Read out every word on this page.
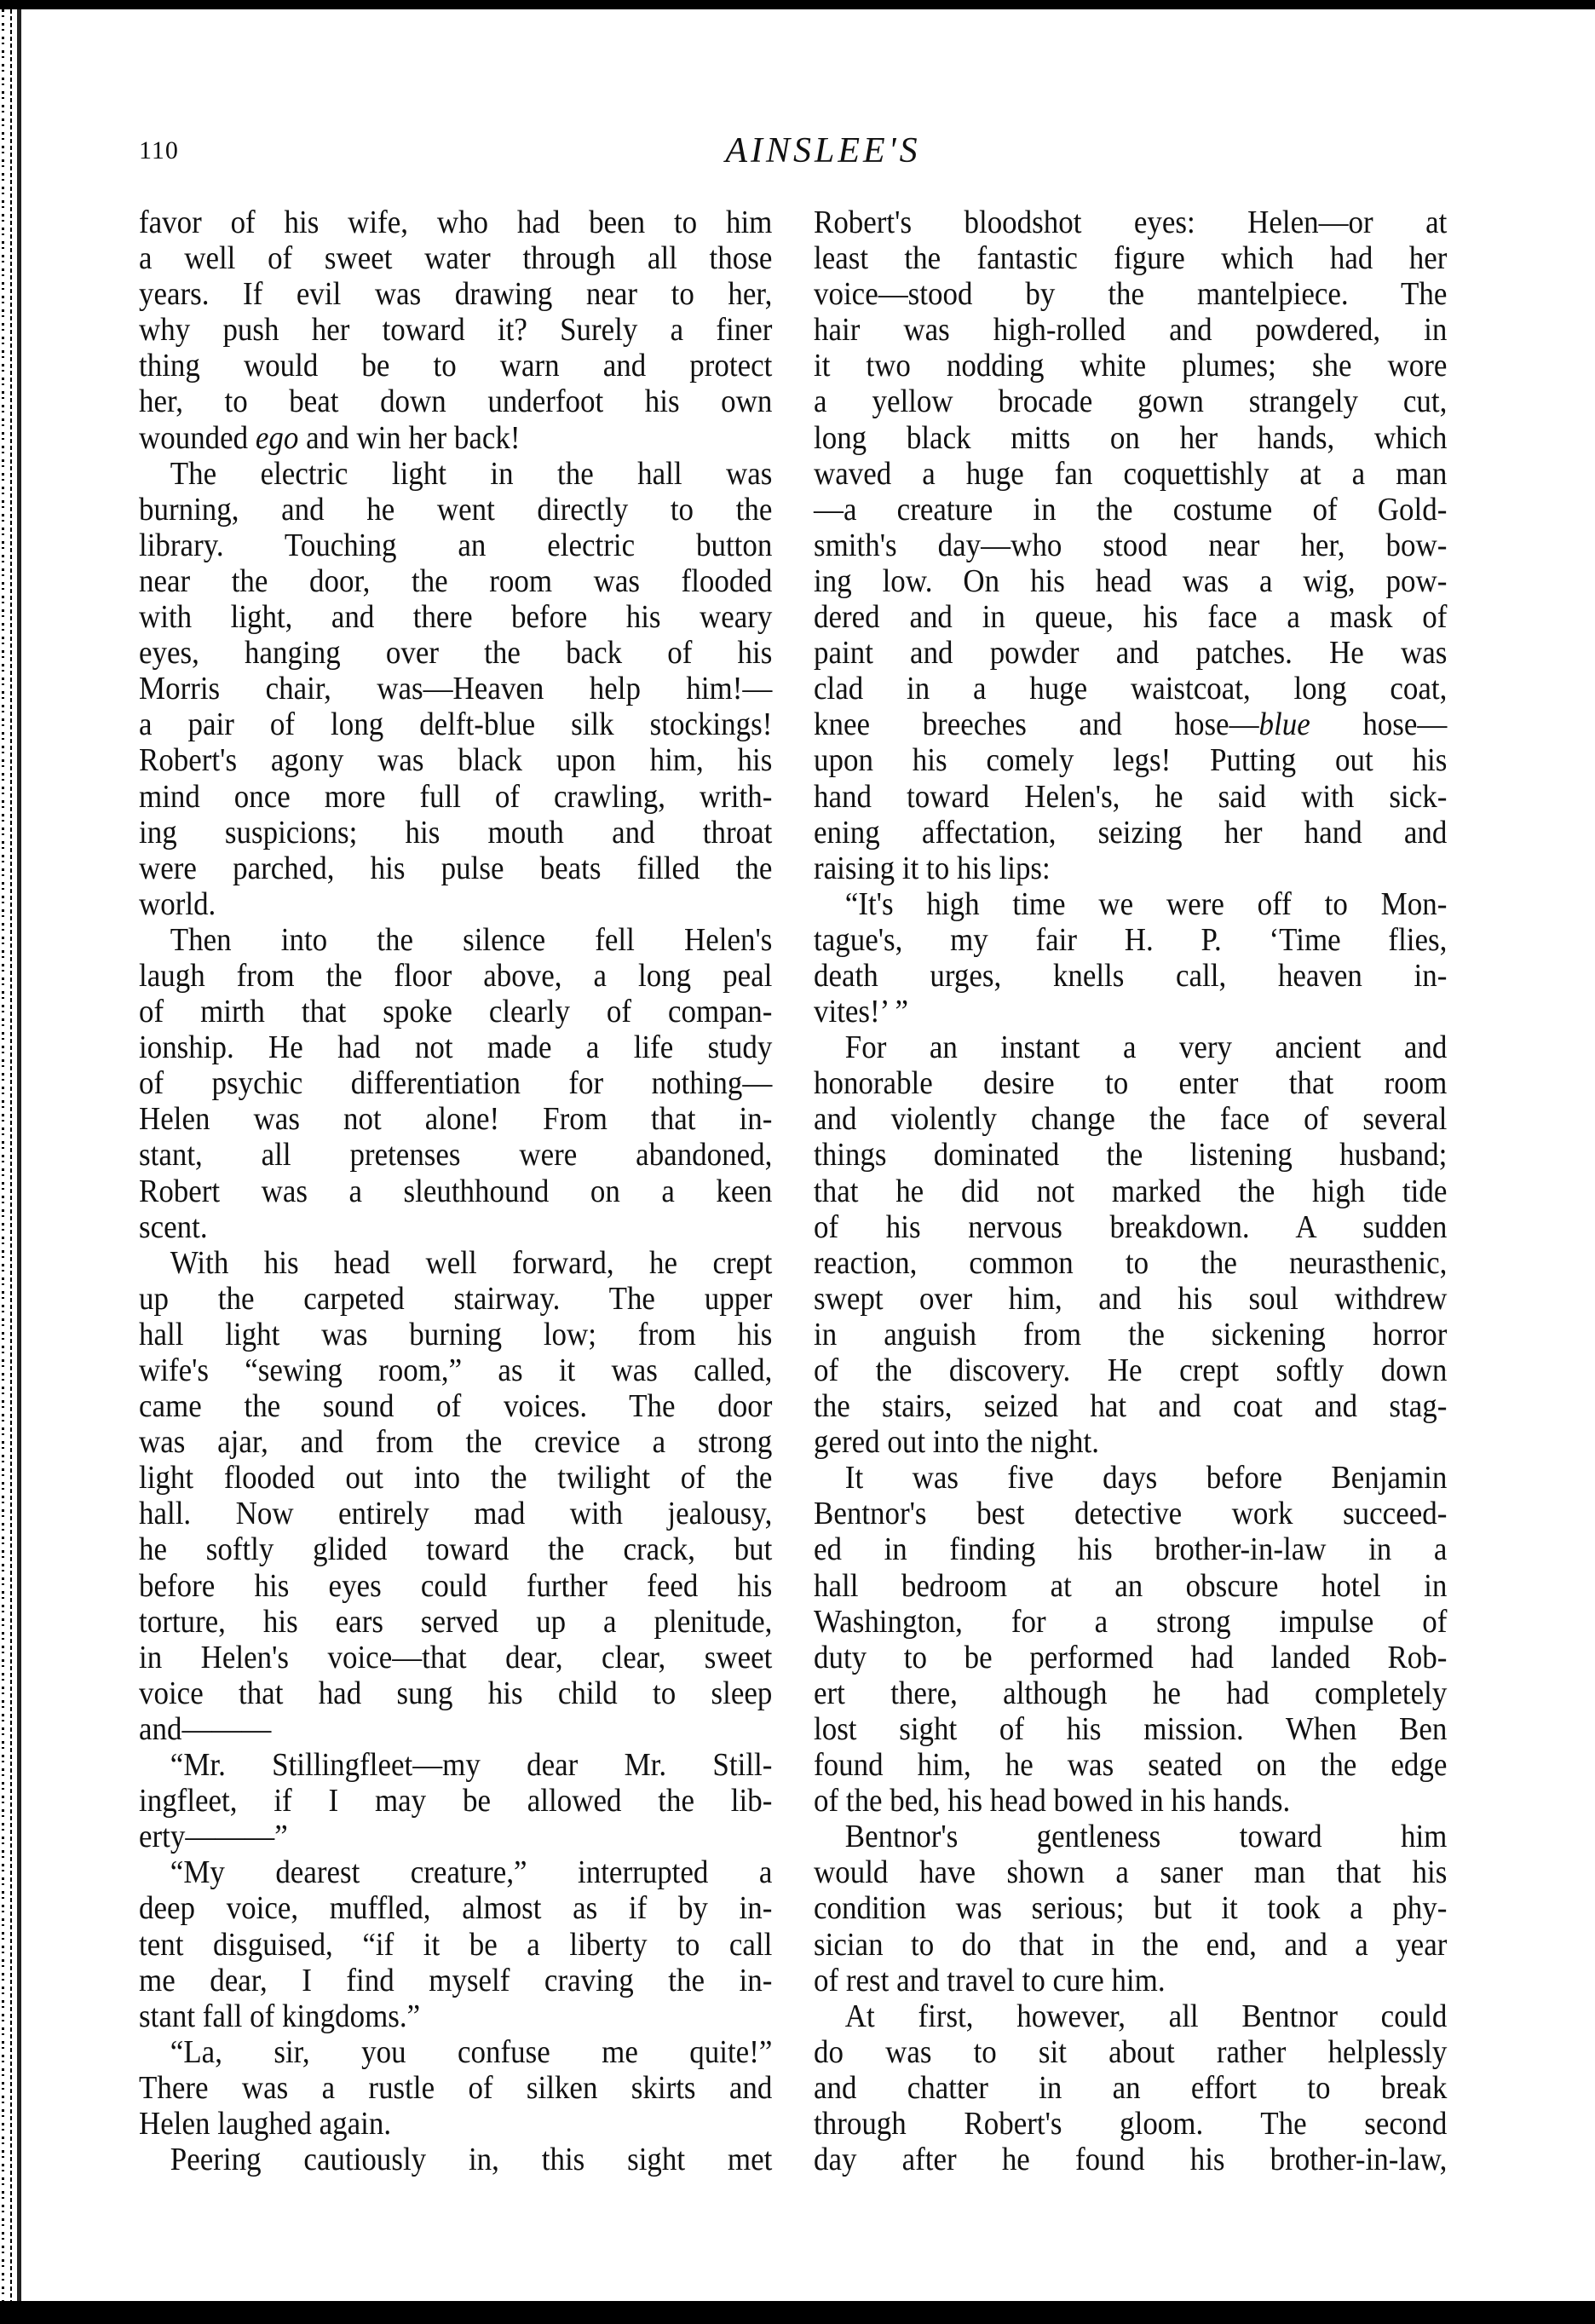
110	AINSLEE'S
favor of his wife, who had been to him
a well of sweet water through all those
years. If evil was drawing near to her,
why push her toward it? Surely a finer
thing would be to warn and protect
her, to beat down underfoot his own
wounded ego and win her back!
The electric light in the hall was
burning, and he went directly to the
library. Touching an electric button
near the door, the room was flooded
with light, and there before his weary
eyes, hanging over the back of his
Morris chair, was—Heaven help him!—
a pair of long delft-blue silk stockings!
Robert's agony was black upon him, his
mind once more full of crawling, writh-
ing suspicions; his mouth and throat
were parched, his pulse beats filled the
world.
Then into the silence fell Helen's
laugh from the floor above, a long peal
of mirth that spoke clearly of compan-
ionship. He had not made a life study
of psychic differentiation for nothing—
Helen was not alone! From that in-
stant, all pretenses were abandoned,
Robert was a sleuthhound on a keen
scent.
With his head well forward, he crept
up the carpeted stairway. The upper
hall light was burning low; from his
wife's “sewing room,” as it was called,
came the sound of voices. The door
was ajar, and from the crevice a strong
light flooded out into the twilight of the
hall. Now entirely mad with jealousy,
he softly glided toward the crack, but
before his eyes could further feed his
torture, his ears served up a plenitude,
in Helen's voice—that dear, clear, sweet
voice that had sung his child to sleep
and———
“Mr. Stillingfleet—my dear Mr. Still-
ingfleet, if I may be allowed the lib-
erty———”
“My dearest creature,” interrupted a
deep voice, muffled, almost as if by in-
tent disguised, “if it be a liberty to call
me dear, I find myself craving the in-
stant fall of kingdoms.”
“La, sir, you confuse me quite!”
There was a rustle of silken skirts and
Helen laughed again.
Peering cautiously in, this sight met
Robert's bloodshot eyes: Helen—or at
least the fantastic figure which had her
voice—stood by the mantelpiece. The
hair was high-rolled and powdered, in
it two nodding white plumes; she wore
a yellow brocade gown strangely cut,
long black mitts on her hands, which
waved a huge fan coquettishly at a man
—a creature in the costume of Gold-
smith's day—who stood near her, bow-
ing low. On his head was a wig, pow-
dered and in queue, his face a mask of
paint and powder and patches. He was
clad in a huge waistcoat, long coat,
knee breeches and hose—blue hose—
upon his comely legs! Putting out his
hand toward Helen's, he said with sick-
ening affectation, seizing her hand and
raising it to his lips:
“It's high time we were off to Mon-
tague's, my fair H. P. ‘Time flies,
death urges, knells call, heaven in-
vites!’ ”
For an instant a very ancient and
honorable desire to enter that room
and violently change the face of several
things dominated the listening husband;
that he did not marked the high tide
of his nervous breakdown. A sudden
reaction, common to the neurasthenic,
swept over him, and his soul withdrew
in anguish from the sickening horror
of the discovery. He crept softly down
the stairs, seized hat and coat and stag-
gered out into the night.
It was five days before Benjamin
Bentnor's best detective work succeed-
ed in finding his brother-in-law in a
hall bedroom at an obscure hotel in
Washington, for a strong impulse of
duty to be performed had landed Rob-
ert there, although he had completely
lost sight of his mission. When Ben
found him, he was seated on the edge
of the bed, his head bowed in his hands.
Bentnor's gentleness toward him
would have shown a saner man that his
condition was serious; but it took a phy-
sician to do that in the end, and a year
of rest and travel to cure him.
At first, however, all Bentnor could
do was to sit about rather helplessly
and chatter in an effort to break
through Robert's gloom. The second
day after he found his brother-in-law,
